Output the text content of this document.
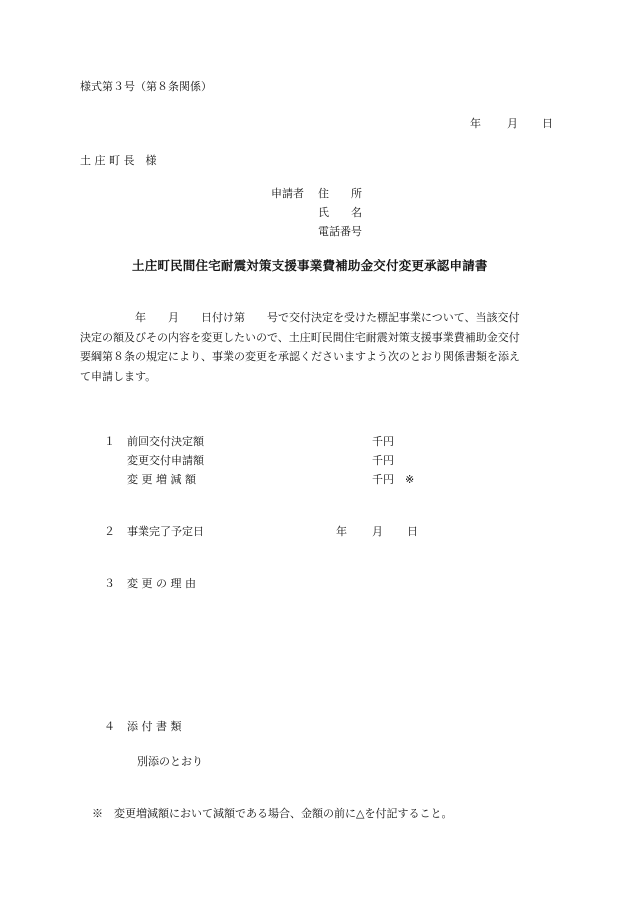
様式第３号（第８条関係）
年 月 日
土 庄 町 長　様
申請者 住　　所
氏　　名
電話番号
土庄町民間住宅耐震対策支援事業費補助金交付変更承認申請書
　　　　　年　　月　　日付け第　　号で交付決定を受けた標記事業について、当該交付
決定の額及びその内容を変更したいので、土庄町民間住宅耐震対策支援事業費補助金交付
要綱第８条の規定により、事業の変更を承認くださいますよう次のとおり関係書類を添え
て申請します。
１ 前回交付決定額	千円
変更交付申請額	千円
変 更 増 減 額	千円 ※
２ 事業完了予定日	年 月 日
３ 変 更 の 理 由
４ 添 付 書 類
別添のとおり
※　変更増減額において減額である場合、金額の前に△を付記すること。
